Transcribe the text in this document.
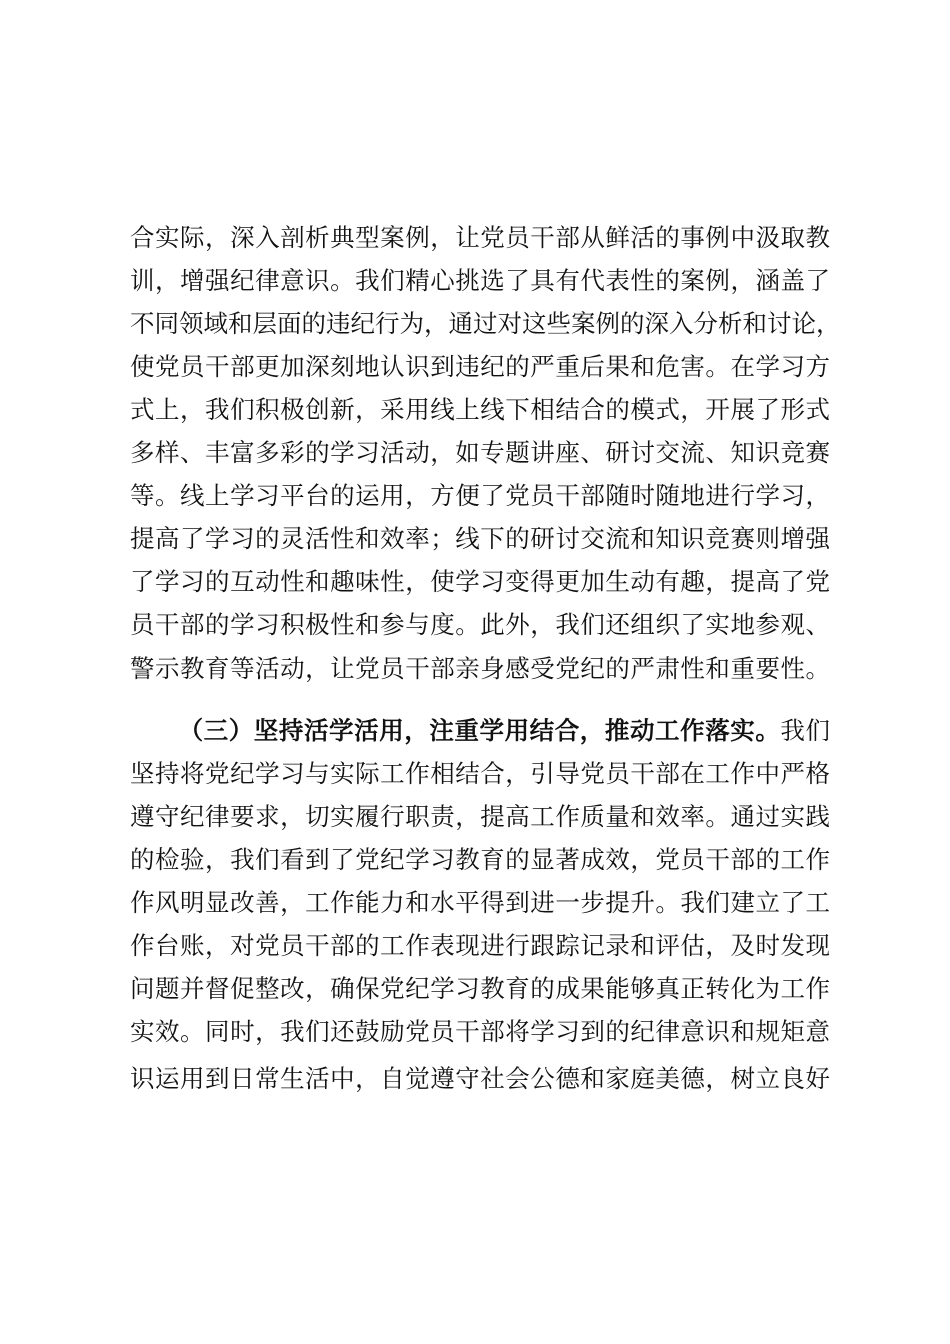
合实际，深入剖析典型案例，让党员干部从鲜活的事例中汲取教
训，增强纪律意识。我们精心挑选了具有代表性的案例，涵盖了
不同领域和层面的违纪行为，通过对这些案例的深入分析和讨论，
使党员干部更加深刻地认识到违纪的严重后果和危害。在学习方
式上，我们积极创新，采用线上线下相结合的模式，开展了形式
多样、丰富多彩的学习活动，如专题讲座、研讨交流、知识竞赛
等。线上学习平台的运用，方便了党员干部随时随地进行学习，
提高了学习的灵活性和效率；线下的研讨交流和知识竞赛则增强
了学习的互动性和趣味性，使学习变得更加生动有趣，提高了党
员干部的学习积极性和参与度。此外，我们还组织了实地参观、
警示教育等活动，让党员干部亲身感受党纪的严肃性和重要性。
（三）坚持活学活用，注重学用结合，推动工作落实。我们
坚持将党纪学习与实际工作相结合，引导党员干部在工作中严格
遵守纪律要求，切实履行职责，提高工作质量和效率。通过实践
的检验，我们看到了党纪学习教育的显著成效，党员干部的工作
作风明显改善，工作能力和水平得到进一步提升。我们建立了工
作台账，对党员干部的工作表现进行跟踪记录和评估，及时发现
问题并督促整改，确保党纪学习教育的成果能够真正转化为工作
实效。同时，我们还鼓励党员干部将学习到的纪律意识和规矩意
识运用到日常生活中，自觉遵守社会公德和家庭美德，树立良好
